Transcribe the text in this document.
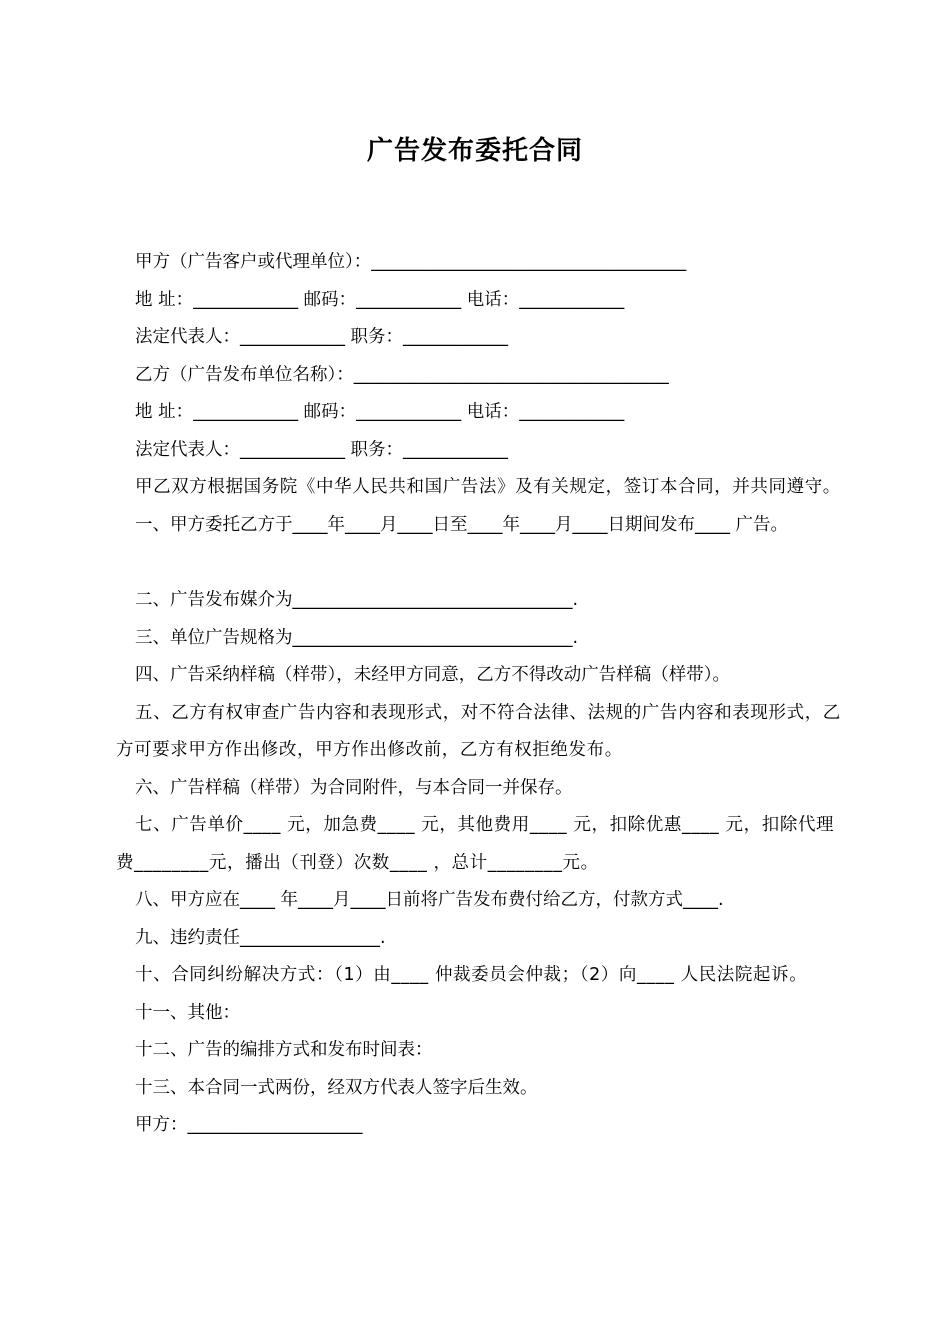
广告发布委托合同

甲方（广告客户或代理单位）：____________________________________

地 址：____________ 邮码：____________ 电话：____________

法定代表人：____________ 职务：____________

乙方（广告发布单位名称）：____________________________________

地 址：____________ 邮码：____________ 电话：____________

法定代表人：____________ 职务：____________

甲乙双方根据国务院《中华人民共和国广告法》及有关规定，签订本合同，并共同遵守。

一、甲方委托乙方于____年____月____日至____年____月____日期间发布____ 广告。

二、广告发布媒介为________________________________.

三、单位广告规格为________________________________.

四、广告采纳样稿（样带），未经甲方同意，乙方不得改动广告样稿（样带）。

五、乙方有权审查广告内容和表现形式，对不符合法律、法规的广告内容和表现形式，乙方可要求甲方作出修改，甲方作出修改前，乙方有权拒绝发布。

六、广告样稿（样带）为合同附件，与本合同一并保存。

七、广告单价____ 元，加急费____ 元，其他费用____ 元，扣除优惠____ 元，扣除代理费________元，播出（刊登）次数____ ，总计________元。

八、甲方应在____ 年____月____日前将广告发布费付给乙方，付款方式____.

九、违约责任________________.

十、合同纠纷解决方式：（1）由____ 仲裁委员会仲裁；（2）向____ 人民法院起诉。

十一、其他：

十二、广告的编排方式和发布时间表：

十三、本合同一式两份，经双方代表人签字后生效。

甲方：____________________
